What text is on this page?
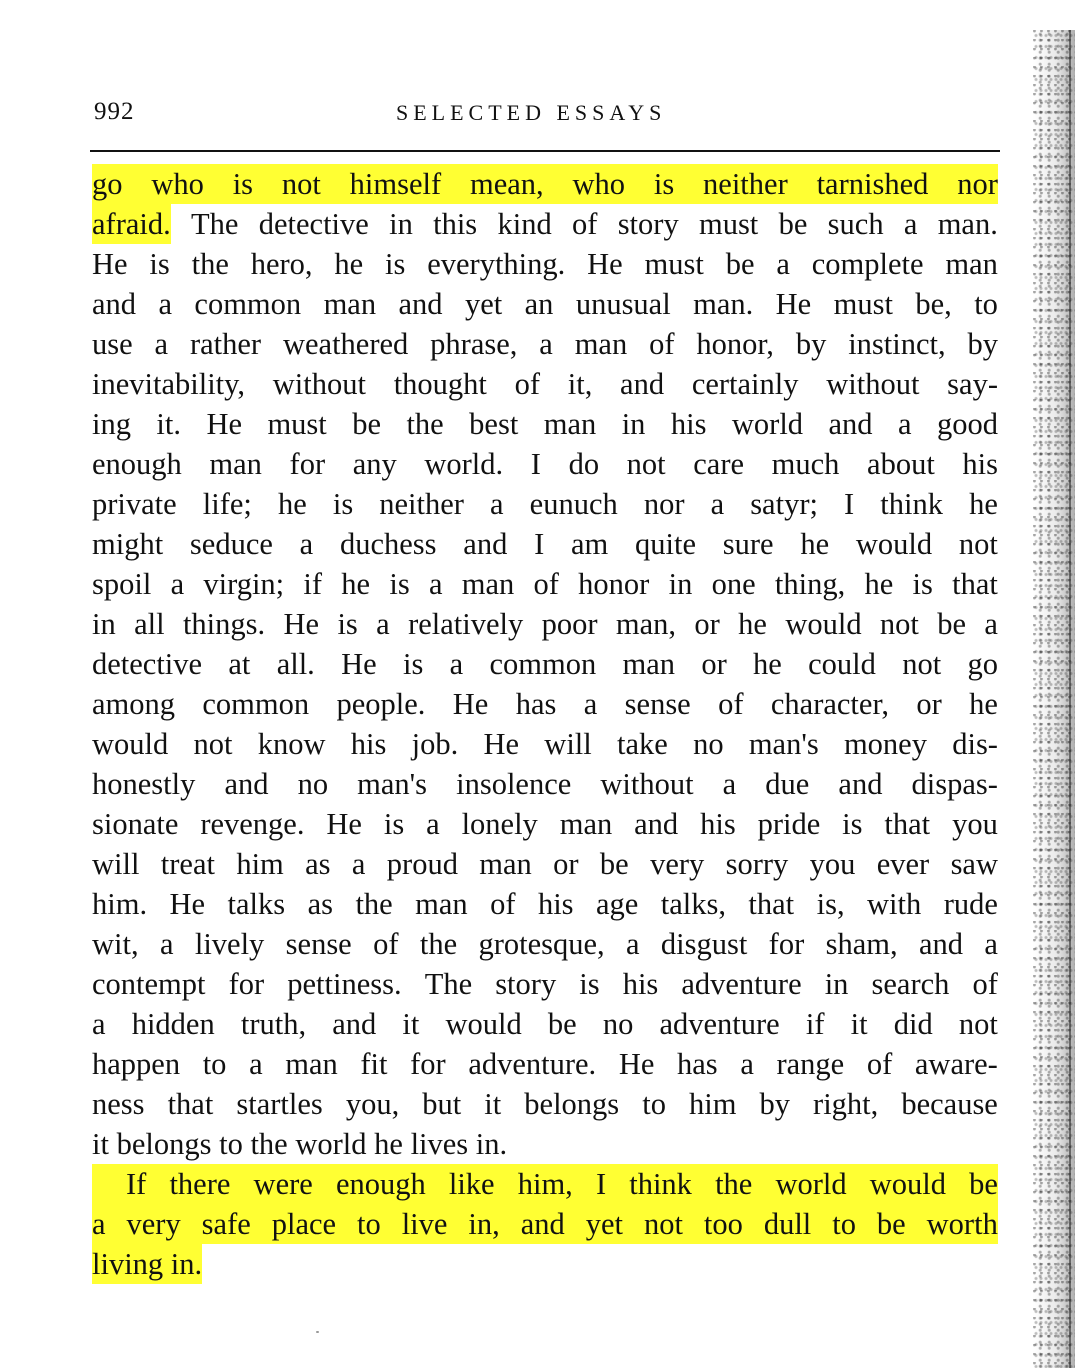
992	SELECTED ESSAYS
go who is not himself mean, who is neither tarnished nor
afraid. The detective in this kind of story must be such a man.
He is the hero, he is everything. He must be a complete man
and a common man and yet an unusual man. He must be, to
use a rather weathered phrase, a man of honor, by instinct, by
inevitability, without thought of it, and certainly without say-
ing it. He must be the best man in his world and a good
enough man for any world. I do not care much about his
private life; he is neither a eunuch nor a satyr; I think he
might seduce a duchess and I am quite sure he would not
spoil a virgin; if he is a man of honor in one thing, he is that
in all things. He is a relatively poor man, or he would not be a
detective at all. He is a common man or he could not go
among common people. He has a sense of character, or he
would not know his job. He will take no man's money dis-
honestly and no man's insolence without a due and dispas-
sionate revenge. He is a lonely man and his pride is that you
will treat him as a proud man or be very sorry you ever saw
him. He talks as the man of his age talks, that is, with rude
wit, a lively sense of the grotesque, a disgust for sham, and a
contempt for pettiness. The story is his adventure in search of
a hidden truth, and it would be no adventure if it did not
happen to a man fit for adventure. He has a range of aware-
ness that startles you, but it belongs to him by right, because
it belongs to the world he lives in.
If there were enough like him, I think the world would be
a very safe place to live in, and yet not too dull to be worth
living in.
